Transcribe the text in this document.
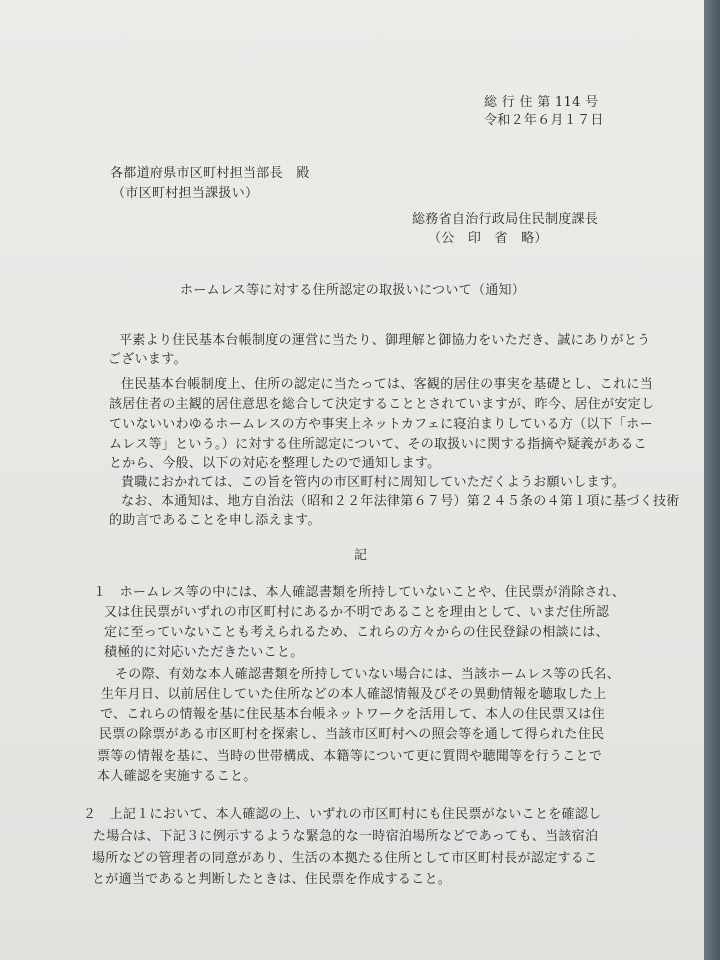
総 行 住 第 114 号
令和２年６月１７日
各都道府県市区町村担当部長　殿
（市区町村担当課扱い）
総務省自治行政局住民制度課長
（公　印　省　略）
ホームレス等に対する住所認定の取扱いについて（通知）
平素より住民基本台帳制度の運営に当たり、御理解と御協力をいただき、誠にありがとう
ございます。
住民基本台帳制度上、住所の認定に当たっては、客観的居住の事実を基礎とし、これに当
該居住者の主観的居住意思を総合して決定することとされていますが、昨今、居住が安定し
ていないいわゆるホームレスの方や事実上ネットカフェに寝泊まりしている方（以下「ホー
ムレス等」という。）に対する住所認定について、その取扱いに関する指摘や疑義があるこ
とから、今般、以下の対応を整理したので通知します。
貴職におかれては、この旨を管内の市区町村に周知していただくようお願いします。
なお、本通知は、地方自治法（昭和２２年法律第６７号）第２４５条の４第１項に基づく技術
的助言であることを申し添えます。
記
１　ホームレス等の中には、本人確認書類を所持していないことや、住民票が消除され、
又は住民票がいずれの市区町村にあるか不明であることを理由として、いまだ住所認
定に至っていないことも考えられるため、これらの方々からの住民登録の相談には、
積極的に対応いただきたいこと。
その際、有効な本人確認書類を所持していない場合には、当該ホームレス等の氏名、
生年月日、以前居住していた住所などの本人確認情報及びその異動情報を聴取した上
で、これらの情報を基に住民基本台帳ネットワークを活用して、本人の住民票又は住
民票の除票がある市区町村を探索し、当該市区町村への照会等を通して得られた住民
票等の情報を基に、当時の世帯構成、本籍等について更に質問や聴聞等を行うことで
本人確認を実施すること。
２　上記１において、本人確認の上、いずれの市区町村にも住民票がないことを確認し
た場合は、下記３に例示するような緊急的な一時宿泊場所などであっても、当該宿泊
場所などの管理者の同意があり、生活の本拠たる住所として市区町村長が認定するこ
とが適当であると判断したときは、住民票を作成すること。
